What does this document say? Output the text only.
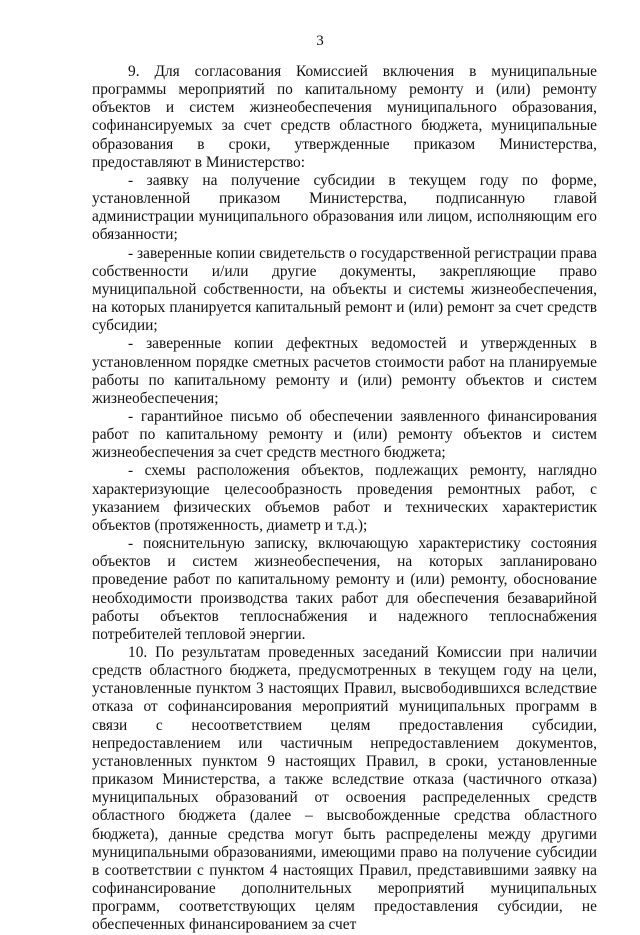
3

9. Для согласования Комиссией включения в муниципальные программы мероприятий по капитальному ремонту и (или) ремонту объектов и систем жизнеобеспечения муниципального образования, софинансируемых за счет средств областного бюджета, муниципальные образования в сроки, утвержденные приказом Министерства, предоставляют в Министерство:

- заявку на получение субсидии в текущем году по форме, установленной приказом Министерства, подписанную главой администрации муниципального образования или лицом, исполняющим его обязанности;

- заверенные копии свидетельств о государственной регистрации права собственности и/или другие документы, закрепляющие право муниципальной собственности, на объекты и системы жизнеобеспечения, на которых планируется капитальный ремонт и (или) ремонт за счет средств субсидии;

- заверенные копии дефектных ведомостей и утвержденных в установленном порядке сметных расчетов стоимости работ на планируемые работы по капитальному ремонту и (или) ремонту объектов и систем жизнеобеспечения;

- гарантийное письмо об обеспечении заявленного финансирования работ по капитальному ремонту и (или) ремонту объектов и систем жизнеобеспечения за счет средств местного бюджета;

- схемы расположения объектов, подлежащих ремонту, наглядно характеризующие целесообразность проведения ремонтных работ, с указанием физических объемов работ и технических характеристик объектов (протяженность, диаметр и т.д.);

- пояснительную записку, включающую характеристику состояния объектов и систем жизнеобеспечения, на которых запланировано проведение работ по капитальному ремонту и (или) ремонту, обоснование необходимости производства таких работ для обеспечения безаварийной работы объектов теплоснабжения и надежного теплоснабжения потребителей тепловой энергии.

10. По результатам проведенных заседаний Комиссии при наличии средств областного бюджета, предусмотренных в текущем году на цели, установленные пунктом 3 настоящих Правил, высвободившихся вследствие отказа от софинансирования мероприятий муниципальных программ в связи с несоответствием целям предоставления субсидии, непредоставлением или частичным непредоставлением документов, установленных пунктом 9 настоящих Правил, в сроки, установленные приказом Министерства, а также вследствие отказа (частичного отказа) муниципальных образований от освоения распределенных средств областного бюджета (далее – высвобожденные средства областного бюджета), данные средства могут быть распределены между другими муниципальными образованиями, имеющими право на получение субсидии в соответствии с пунктом 4 настоящих Правил, представившими заявку на софинансирование дополнительных мероприятий муниципальных программ, соответствующих целям предоставления субсидии, не обеспеченных финансированием за счет
